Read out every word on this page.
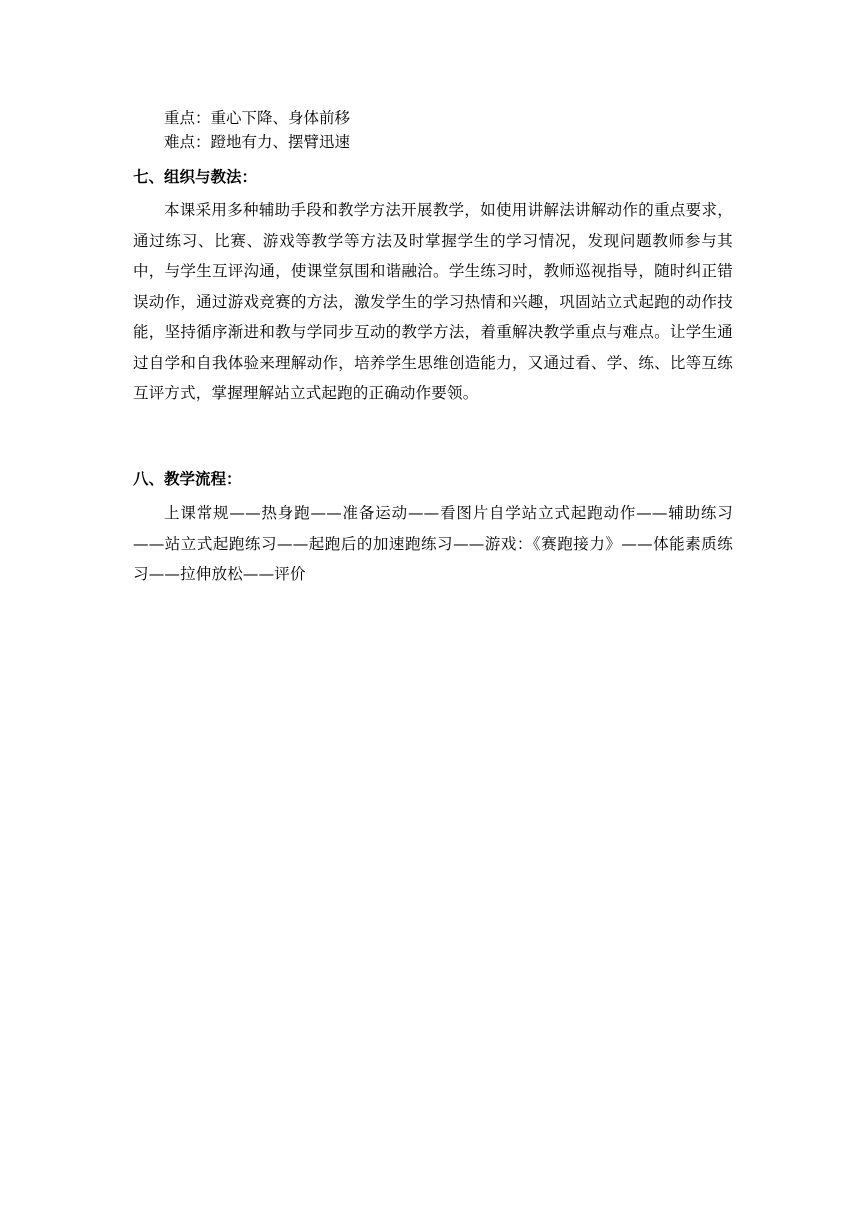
重点：重心下降、身体前移
难点：蹬地有力、摆臂迅速
七、组织与教法：
本课采用多种辅助手段和教学方法开展教学，如使用讲解法讲解动作的重点要求，通过练习、比赛、游戏等教学等方法及时掌握学生的学习情况，发现问题教师参与其中，与学生互评沟通，使课堂氛围和谐融洽。学生练习时，教师巡视指导，随时纠正错误动作，通过游戏竞赛的方法，激发学生的学习热情和兴趣，巩固站立式起跑的动作技能，坚持循序渐进和教与学同步互动的教学方法，着重解决教学重点与难点。让学生通过自学和自我体验来理解动作，培养学生思维创造能力，又通过看、学、练、比等互练互评方式，掌握理解站立式起跑的正确动作要领。
八、教学流程：
上课常规——热身跑——准备运动——看图片自学站立式起跑动作——辅助练习——站立式起跑练习——起跑后的加速跑练习——游戏：《赛跑接力》——体能素质练习——拉伸放松——评价
